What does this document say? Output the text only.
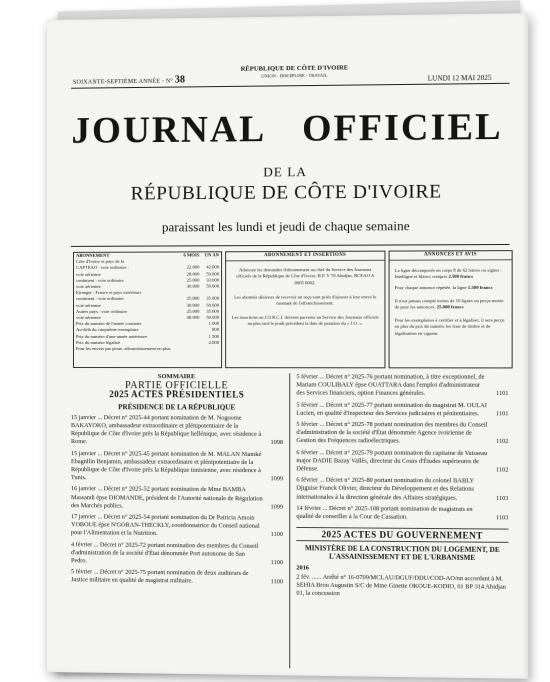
SOIXANTE-SEPTIÈME ANNÉE - N° 38
RÉPUBLIQUE DE CÔTE D'IVOIRE
UNION - DISCIPLINE - TRAVAIL	LUNDI 12 MAI 2025
JOURNAL OFFICIEL
DE LA
RÉPUBLIQUE DE CÔTE D'IVOIRE
paraissant les lundi et jeudi de chaque semaine
ABONNEMENT	6 MOIS	UN AN
Côte d'Ivoire et pays de la		
CAPTEAO : voie ordinaire :	22.000	42.000
voie aérienne	28.000	59.000
contiment : voie ordinaire	25.000	33.000
voie aérienne	30.000	59.000
Etranger : France et pays extérieurs		
contiment : voie ordinaire	25.000	35.000
voie aérienne	30.000	59.000
Autres pays : voie ordinaire	25.000	35.000
voie aérienne	48.000	50.000
Prix du numéro de l'année courante		1.000
Au-delà du cinquième exemplaire		800
Prix du numéro d'une année antérieure		1.500
Prix du numéro légalisé		2.000
Pour les envois par poste, affranchissement en plus.		
ABONNEMENT ET INSERTIONS
Adressez les demandes d'abonnement au chef du Service des Journaux officiels de la République de Côte d'Ivoire, B.P. V 70 Abidjan, BCEAO A 0005 0002.
Les abonnés désireux de recevoir un reçu sont priés d'ajouter à leur envoi le montant de l'affranchissement.
Les insertions au J.O.R.C.I. doivent parvenir au Service des Journaux officiels au plus tard le jeudi précédent la date de parution du « J.O. ».
ANNONCES ET AVIS
La ligne décomposée en corps 8 de 62 lettres ou signes : Intelligne et blancs compris 2.500 francs
Pour chaque annonce répétée, la ligne 1.500 francs
Il n'est jamais compté moins de 10 lignes ou perçu moins de pour les annonces. 25.000 francs
Pour les exemplaires à certifier et à légaliser, il sera perçu en plus du prix du numéro les frais de timbre et de légalisation en vigueur.
SOMMAIRE
PARTIE OFFICIELLE
2025 ACTES PRÉSIDENTIELS
PRÉSIDENCE DE LA RÉPUBLIQUE
15 janvier ... Décret n° 2025-44 portant nomination de M. Nogoome BAKAYOKO, ambassadeur extraordinaire et plénipotentiaire de la République de Côte d'Ivoire près la République hellénique, avec résidence à Rome.	1098
15 janvier ... Décret n° 2025-45 portant nomination de M. MALAN Niamké Ebagnllin Benjamin, ambassadeur extraordinaire et plénipotentiaire de la République de Côte d'Ivoire près la République tunisienne, avec résidence à Tunis.	1099
16 janvier ... Décret n° 2025-52 portant nomination de Mme BAMBA Massandi épse DIOMANDE, président de l'Autorité nationale de Régulation des Marchés publics.	1099
17 janvier ... Décret n° 2025-54 portant nomination du Dr Patricia Amoin YOBOUE épse N'GORAN-THECKLY, coordonnatrice du Conseil national pour l'Alimentation et la Nutrition.	1100
4 février ... Décret n° 2025-72 portant nomination des membres du Conseil d'administration de la société d'État dénommée Port autonome de San Pedro.	1100
5 février ... Décret n° 2025-75 portant nomination de deux auditeurs de Justice militaire en qualité de magistrat militaire.	1100
5 février ... Décret n° 2025-76 portant nomination, à titre exceptionnel, de Mariam COULIBALY épse OUATTARA dans l'emploi d'administrateur des Services financiers, option Finances générales.	1101
5 février ... Décret n° 2025-77 portant nomination du magistrat M. OULAI Lucien, en qualité d'inspecteur des Services judiciaires et pénitentiaires.	1101
5 février ... Décret n° 2025-78 portant nomination des membres du Conseil d'administration de la société d'État dénommée Agence ivoirienne de Gestion des Fréquences radioélectriques.	1102
6 février ... Décret n° 2025-79 portant nomination du capitaine de Vaisseau major DADIE Bazay Vallès, directeur du Cours d'Études supérieures de Défense.	1102
6 février ... Décret n° 2025-80 portant nomination du colonel BABLY Djiguise Franck Olivier, directeur du Développement et des Relations internationales à la direction générale des Affaires stratégiques.	1103
14 février ... Décret n° 2025-108 portant nomination de magistrats en qualité de conseiller à la Cour de Cassation.	1103
2025 ACTES DU GOUVERNEMENT
MINISTÈRE DE LA CONSTRUCTION DU LOGEMENT, DE L'ASSAINISSEMENT ET DE L'URBANISME
2016
2 fév. ...... Arrêté n° 16-0709/MCLAU/DGUF/DDU/COD-AO/nn accordant à M. SEHIA Brou Augustin S/C de Mme Ginette OKOUE-KODIO, 01 BP 314 Abidjan 01, la concession
